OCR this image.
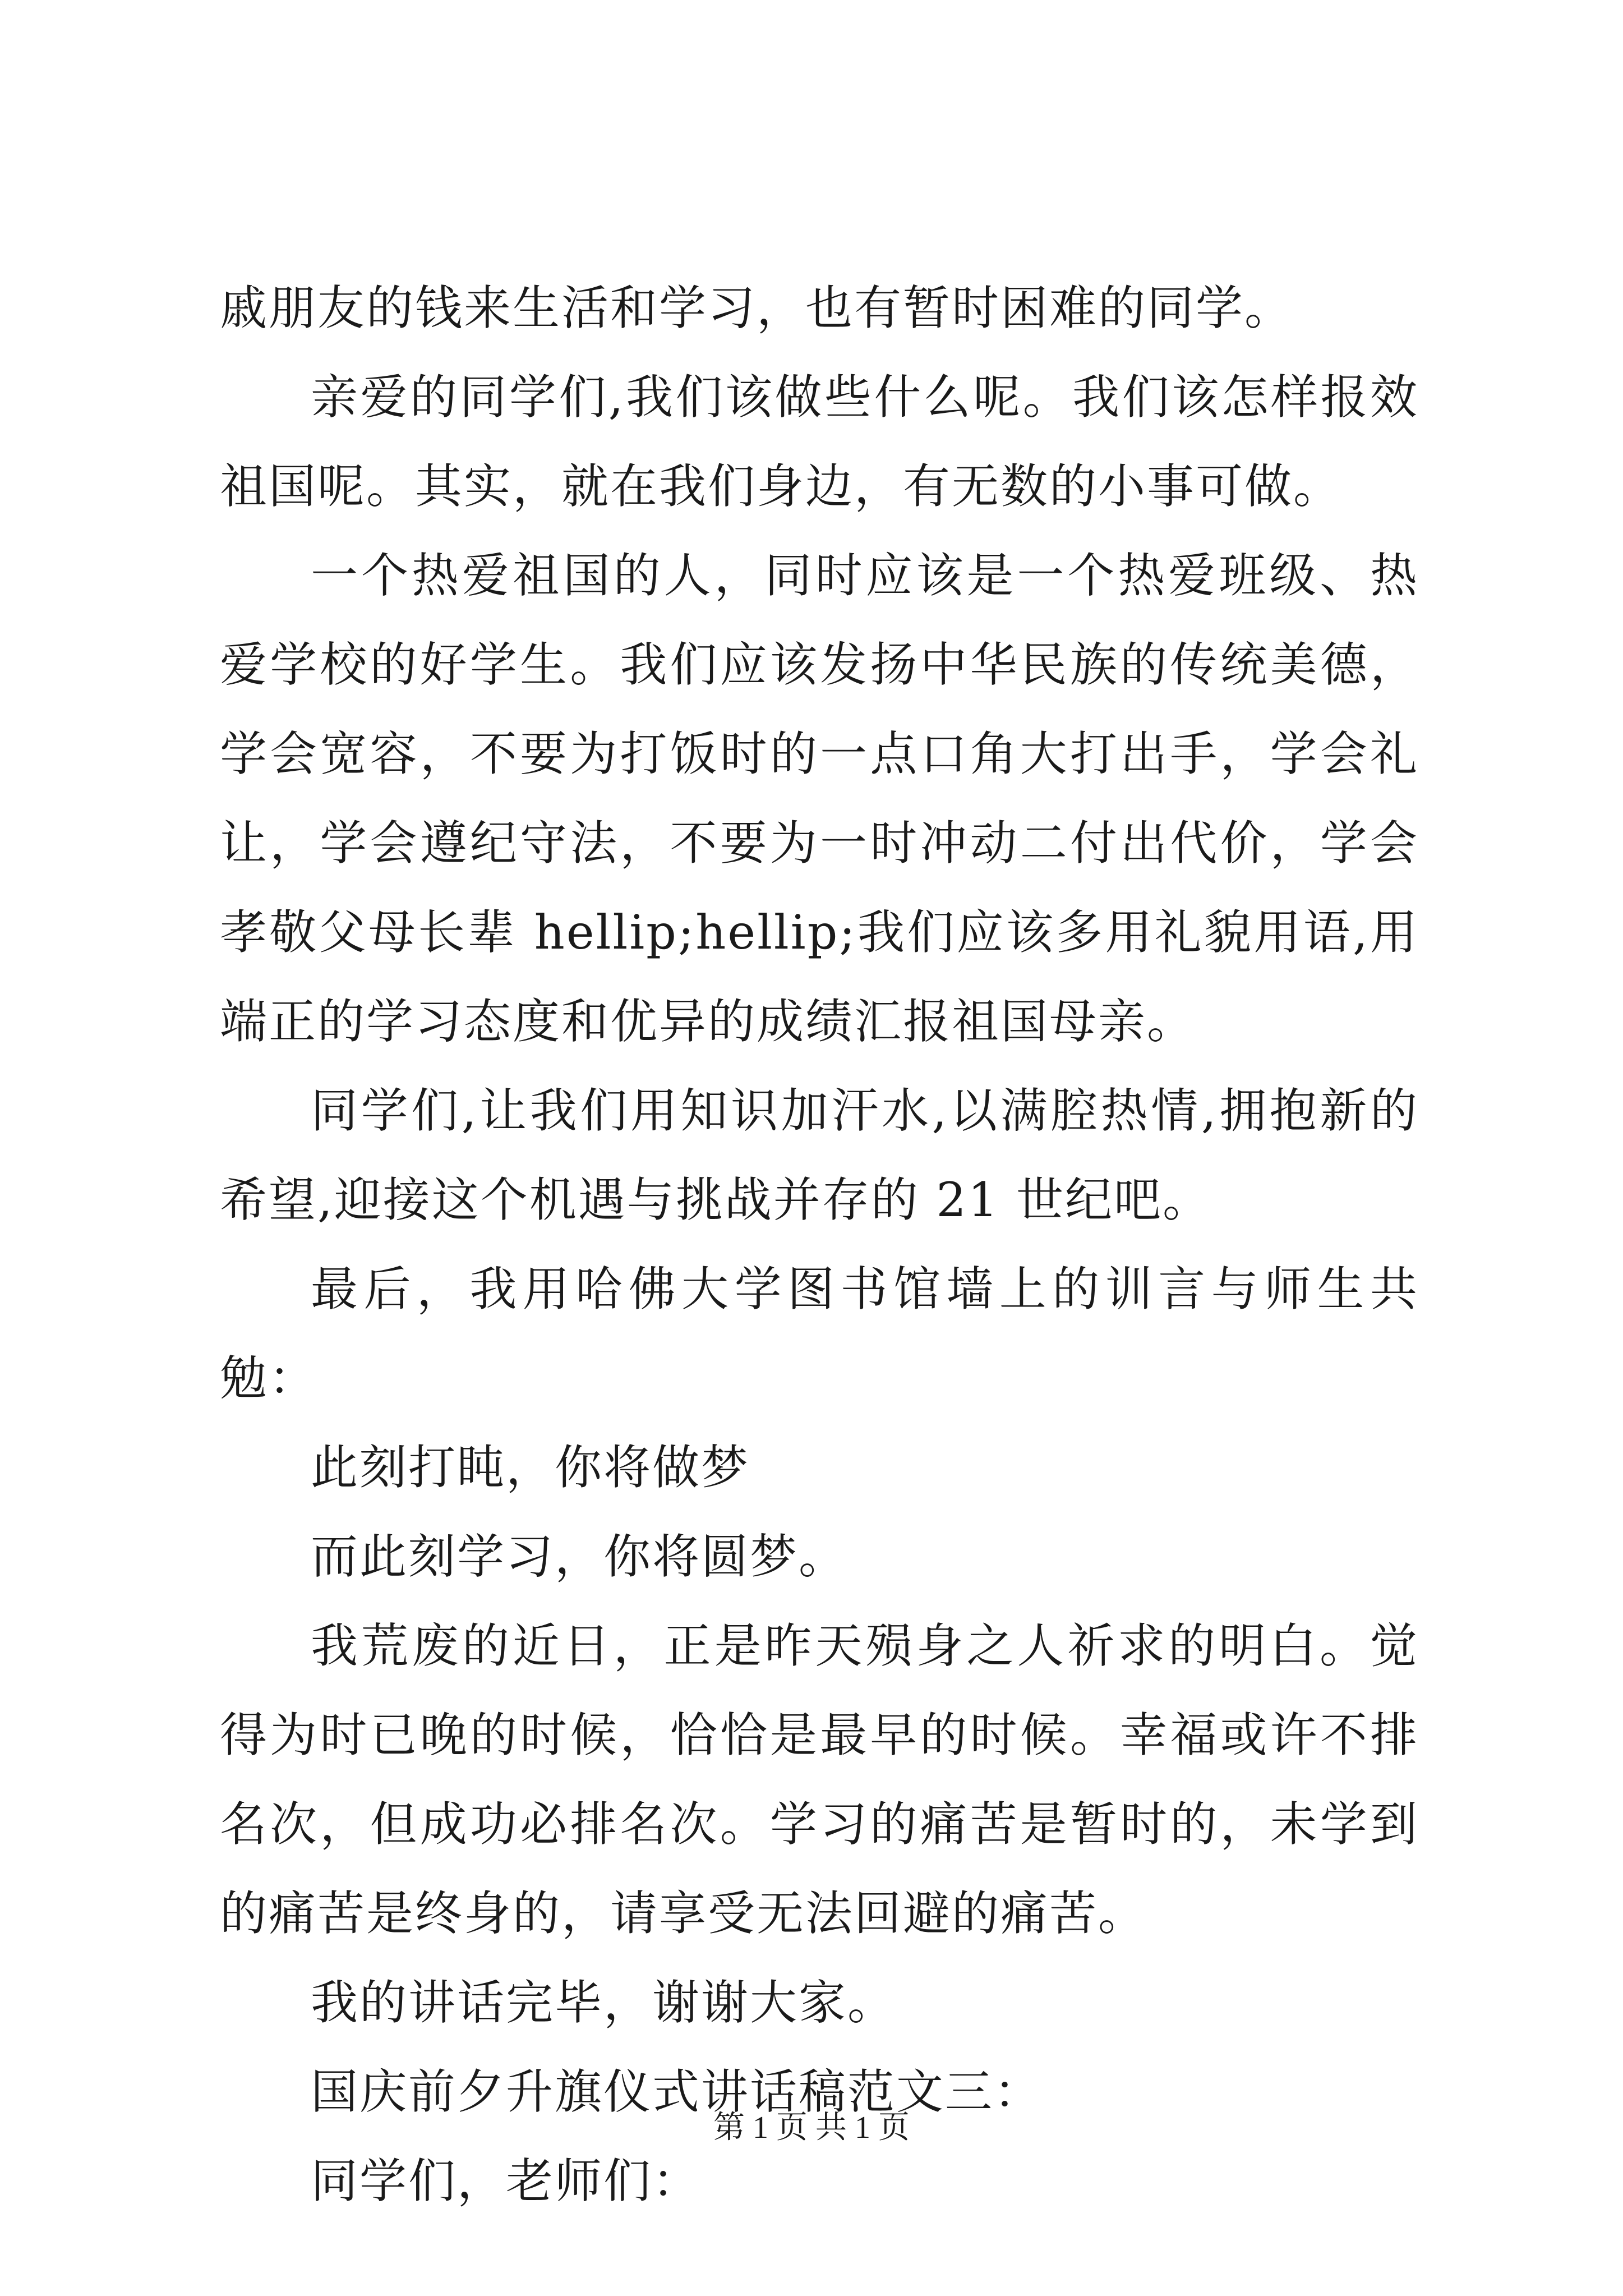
戚朋友的钱来生活和学习，也有暂时困难的同学。

亲爱的同学们,我们该做些什么呢。我们该怎样报效祖国呢。其实，就在我们身边，有无数的小事可做。

一个热爱祖国的人，同时应该是一个热爱班级、热爱学校的好学生。我们应该发扬中华民族的传统美德，学会宽容，不要为打饭时的一点口角大打出手，学会礼让，学会遵纪守法，不要为一时冲动二付出代价，学会孝敬父母长辈 hellip;hellip;我们应该多用礼貌用语,用端正的学习态度和优异的成绩汇报祖国母亲。

同学们,让我们用知识加汗水,以满腔热情,拥抱新的希望,迎接这个机遇与挑战并存的 21 世纪吧。

最后，我用哈佛大学图书馆墙上的训言与师生共勉：

此刻打盹，你将做梦

而此刻学习，你将圆梦。

我荒废的近日，正是昨天殒身之人祈求的明白。觉得为时已晚的时候，恰恰是最早的时候。幸福或许不排名次，但成功必排名次。学习的痛苦是暂时的，未学到的痛苦是终身的，请享受无法回避的痛苦。

我的讲话完毕，谢谢大家。

国庆前夕升旗仪式讲话稿范文三：

同学们，老师们：

第 1 页 共 1 页
